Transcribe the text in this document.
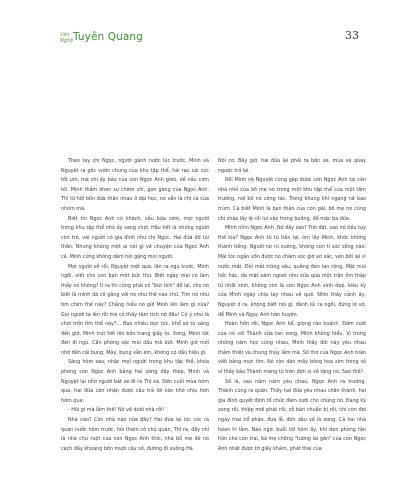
Văn Nghệ Tuyên Quang	33

Theo tay chị Ngọc, người gánh nước lúc trước, Minh và Nguyệt ra gốc vườn chung của khu tập thể, hái rau cải cúc tốt um, mà chị ấy bảo của con Ngọc Anh gieo, về nấu cơm tối. Minh thấm khen sự chăm chỉ, gọn gàng của Ngọc Anh. Thì từ hồi bốn đứa thân nhau ở đại học, nó vẫn là chị cả của nhóm mà.

Biết tin Ngọc Anh có khách, xẩu bữa cơm, mọi người trong khu tập thể nhỏ ấy sang chơi. Hầu hết là những người còn trẻ, vài người có gia đình như chị Ngọc. Hai đứa đỡ túi thân. Nhưng không một ai nói gì về chuyện của Ngọc Anh cả. Minh cũng không dám hỏi gặng mọi người.

Mọi người về rồi, Nguyệt mệt quá, lăn ra ngủ trước. Minh ngồi, viết cho con bạn một bức thư. Biết ngày mai có làm thấy nó không? Ít ra thì cũng phải có "bút tích" để lại, cho nó biết là mình đã cố gắng với nó như thế nào chứ. Tim nó như tim chim thế này? Chẳng hiểu nó gửi Minh lên làm gì nữa? Gọi người ta lên rồi mà có thấy tăm tích nó đâu! Có ý như là chơi trốn tìm thế này?... Bao nhiêu bực tức, khổ sở từ sáng đến giờ, Minh trút hết lên bốn trang giấy to. Xong, Minh tắt đèn đi ngủ. Cẩn phòng sặc mùi dầu mà dứt. Minh giờ mới nhớ đến cái bụng. Mày, bụng vẫn êm, không có dấu hiệu gì.

Sáng hôm sau, nhặc mọi người trong khu tập thể, khóa phòng con Ngọc Anh bằng hai vòng dây thép, Minh và Nguyệt lại nhờ người bắt xe đi ra Thị xã. Đến cuối mùa hôm qua, hai đứa còn nhận được câu trả lời còn khó chịu hơn hôm qua:

- Hôi gì mà lằm thế! Nó về dưới nhà rồi!

Nhà nào? Còn nhà nào nữa đây? Hai đứa lại lóc cóc ra quán nước hôm trước, hỏi thăm cô chủ quán. Thì ra, đây chỉ là nhà chủ ruột của con Ngọc Anh thôi, nhà bố mẹ đẻ nó cách đây khoảng bốn mươi cây số, đường đi xuống Hà

Nội cơ. Bây giờ, hai đứa lại phải ra bến xe, mua vé quay ngược trở lại.

Rồi Minh và Nguyệt cũng gặp được con Ngọc Anh tại căn nhà nhỏ của bố mẹ nó trong một khu tập thể của một tầm trường, nơi bố nó công tác. Trong khung khí ngạng nề bao trùm. Cả biết Minh là bạn thân của con gái, bố mẹ nó cũng chỉ chào lấy lệ rồi lui vào trong buồng, để mặc ba đứa.

Minh nhìn Ngọc Anh. Nó đây sao? Trời đất, sao nó tiều tụy thế kia? Ngọc Anh từ từ tiến lại, ôm lấy Minh, khóc không thành tiếng. Người nó rũ xuống, không còn tí sức sống nào. Mái tóc ngắn vốn được nó chăm sóc giờ xơ xác, vén bới lại vì nước mắt. Đôi mắt trũng sâu, quầng đen lan rộng. Mặt mũi hốc hác, da mặt xám ngoét như vừa qua một trận ốm thập tử nhất sinh, không còn là con Ngọc Anh xinh đẹp, kiêu kỳ của Minh ngày chia tay nhau về quê. Nhìn thấy cảnh ấy, Nguyệt ở ra, không biết nói gì, đành lùi ra ngồi, đứng lơ vơ, để Minh và Ngọc Anh hàn huyên.

Hoàn hồn rồi, Ngọc Anh kể, giọng rào hoảnh. Đám cưới của nó với Thành vừa tan xong. Minh không hiểu. Vì trong những năm học cùng nhau, Minh thấy đôi này yêu nhau thắm thiết và chung thủy lắm mà. Số thơ của Ngọc Anh toàn viết bằng mực tím. Nó còn dán mấy bông hoa sim trong số vì thấy bảo Thành mang từ trên đơn vị về tặng nó. Sao thế?

Số là, sau năm năm yêu nhau, Ngọc Anh ra trường, Thành cũng ra quân. Thấy hai đứa yêu nhau chân thành, hai gia đình quyết định tổ chức đám cưới cho chúng nó. Đang kỳ xong rồi, thiệp mời phát rồi, cỗ bàn chuẩn bị rồi, chỉ còn đợi ngày mai nổ pháo, đưa lễ, đón dâu về là xong. Cả hai nhà hoan hỉ lắm. Nào ngờ, buổi tối hôm ấy, khi dọn phòng tân hôn cho con trai, bà mẹ chồng "tương lai gần" của con Ngọc Anh nhặt được tờ giấy khám, phát thai của
